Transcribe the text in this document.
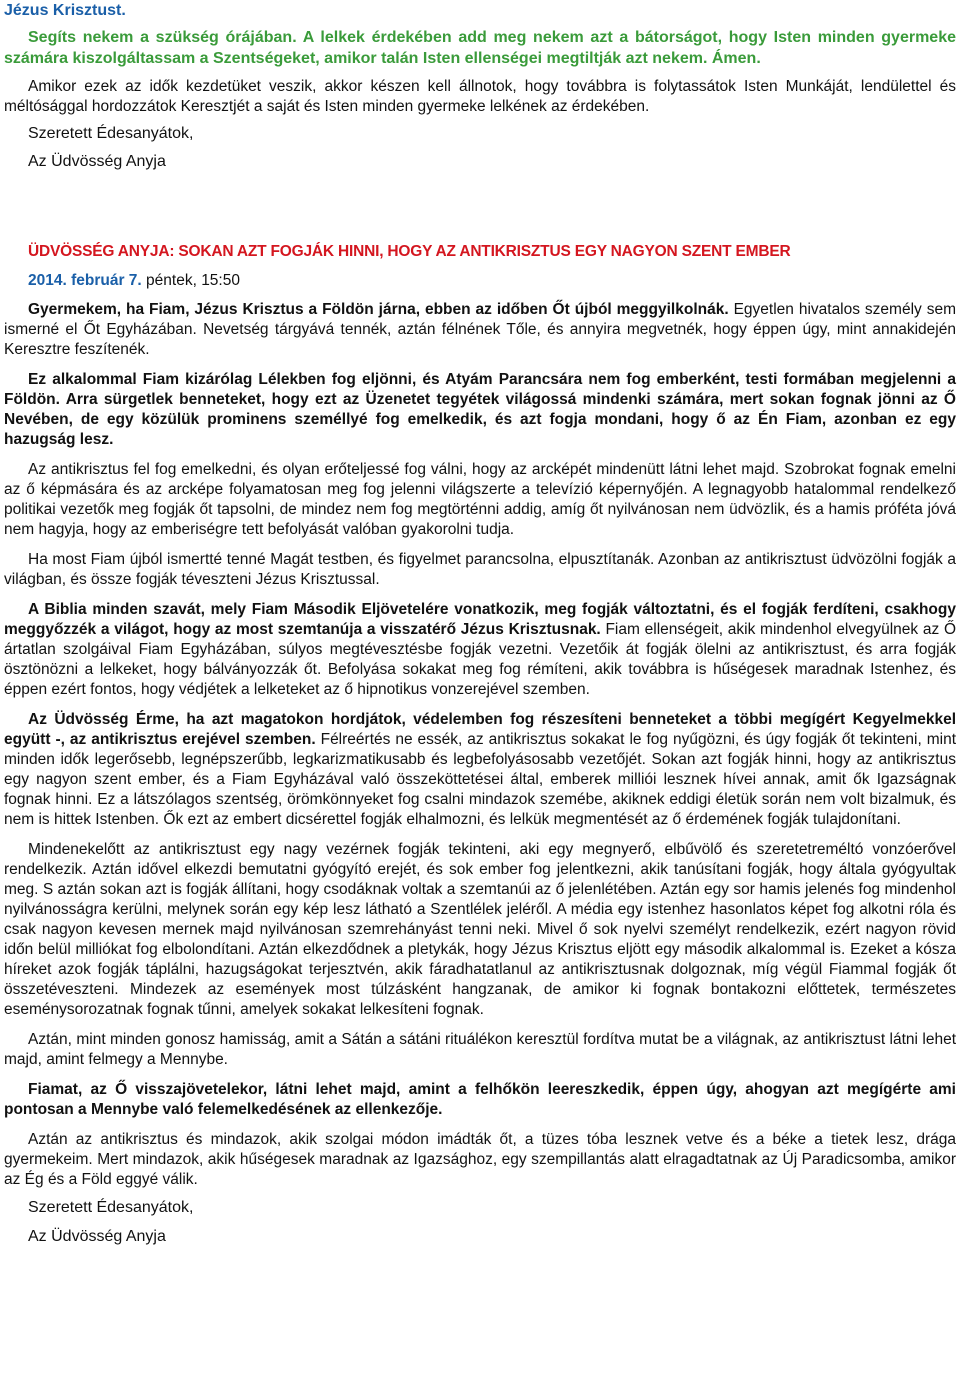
Jézus Krisztust.

Segíts nekem a szükség órájában. A lelkek érdekében add meg nekem azt a bátorságot, hogy Isten minden gyermeke számára kiszolgáltassam a Szentségeket, amikor talán Isten ellenségei megtiltják azt nekem. Ámen.

Amikor ezek az idők kezdetüket veszik, akkor készen kell állnotok, hogy továbbra is folytassátok Isten Munkáját, lendülettel és méltósággal hordozzátok Keresztjét a saját és Isten minden gyermeke lelkének az érdekében.

Szeretett Édesanyátok,

Az Üdvösség Anyja

ÜDVÖSSÉG ANYJA: SOKAN AZT FOGJÁK HINNI, HOGY AZ ANTIKRISZTUS EGY NAGYON SZENT EMBER

2014. február 7. péntek, 15:50

Gyermekem, ha Fiam, Jézus Krisztus a Földön járna, ebben az időben Őt újból meggyilkolnák. Egyetlen hivatalos személy sem ismerné el Őt Egyházában. Nevetség tárgyává tennék, aztán félnének Tőle, és annyira megvetnék, hogy éppen úgy, mint annakidején Keresztre feszítenék.

Ez alkalommal Fiam kizárólag Lélekben fog eljönni, és Atyám Parancsára nem fog emberként, testi formában megjelenni a Földön. Arra sürgetlek benneteket, hogy ezt az Üzenetet tegyétek világossá mindenki számára, mert sokan fognak jönni az Ő Nevében, de egy közülük prominens személlyé fog emelkedik, és azt fogja mondani, hogy ő az Én Fiam, azonban ez egy hazugság lesz.

Az antikrisztus fel fog emelkedni, és olyan erőteljessé fog válni, hogy az arcképét mindenütt látni lehet majd. Szobrokat fognak emelni az ő képmására és az arcképe folyamatosan meg fog jelenni világszerte a televízió képernyőjén. A legnagyobb hatalommal rendelkező politikai vezetők meg fogják őt tapsolni, de mindez nem fog megtörténni addig, amíg őt nyilvánosan nem üdvözlik, és a hamis próféta jóvá nem hagyja, hogy az emberiségre tett befolyását valóban gyakorolni tudja.

Ha most Fiam újból ismertté tenné Magát testben, és figyelmet parancsolna, elpusztítanák. Azonban az antikrisztust üdvözölni fogják a világban, és össze fogják téveszteni Jézus Krisztussal.

A Biblia minden szavát, mely Fiam Második Eljövetelére vonatkozik, meg fogják változtatni, és el fogják ferdíteni, csakhogy meggyőzzék a világot, hogy az most szemtanúja a visszatérő Jézus Krisztusnak. Fiam ellenségeit, akik mindenhol elvegyülnek az Ő ártatlan szolgáival Fiam Egyházában, súlyos megtévesztésbe fogják vezetni. Vezetőik át fogják ölelni az antikrisztust, és arra fogják ösztönözni a lelkeket, hogy bálványozzák őt. Befolyása sokakat meg fog rémíteni, akik továbbra is hűségesek maradnak Istenhez, és éppen ezért fontos, hogy védjétek a lelketeket az ő hipnotikus vonzerejével szemben.

Az Üdvösség Érme, ha azt magatokon hordjátok, védelemben fog részesíteni benneteket a többi megígért Kegyelmekkel együtt -, az antikrisztus erejével szemben. Félreértés ne essék, az antikrisztus sokakat le fog nyűgözni, és úgy fogják őt tekinteni, mint minden idők legerősebb, legnépszerűbb, legkarizmatikusabb és legbefolyásosabb vezetőjét. Sokan azt fogják hinni, hogy az antikrisztus egy nagyon szent ember, és a Fiam Egyházával való összeköttetései által, emberek milliói lesznek hívei annak, amit ők Igazságnak fognak hinni. Ez a látszólagos szentség, örömkönnyeket fog csalni mindazok szemébe, akiknek eddigi életük során nem volt bizalmuk, és nem is hittek Istenben. Ők ezt az embert dicsérettel fogják elhalmozni, és lelkük megmentését az ő érdemének fogják tulajdonítani.

Mindenekelőtt az antikrisztust egy nagy vezérnek fogják tekinteni, aki egy megnyerő, elbűvölő és szeretetreméltó vonzóerővel rendelkezik. Aztán idővel elkezdi bemutatni gyógyító erejét, és sok ember fog jelentkezni, akik tanúsítani fogják, hogy általa gyógyultak meg. S aztán sokan azt is fogják állítani, hogy csodáknak voltak a szemtanúi az ő jelenlétében. Aztán egy sor hamis jelenés fog mindenhol nyilvánosságra kerülni, melynek során egy kép lesz látható a Szentlélek jeléről. A média egy istenhez hasonlatos képet fog alkotni róla és csak nagyon kevesen mernek majd nyilvánosan szemrehányást tenni neki. Mivel ő sok nyelvi személyt rendelkezik, ezért nagyon rövid időn belül milliókat fog elbolondítani. Aztán elkezdődnek a pletykák, hogy Jézus Krisztus eljött egy második alkalommal is. Ezeket a kósza híreket azok fogják táplálni, hazugságokat terjesztvén, akik fáradhatatlanul az antikrisztusnak dolgoznak, míg végül Fiammal fogják őt összetéveszteni. Mindezek az események most túlzásként hangzanak, de amikor ki fognak bontakozni előttetek, természetes eseménysorozatnak fognak tűnni, amelyek sokakat lelkesíteni fognak.

Aztán, mint minden gonosz hamisság, amit a Sátán a sátáni rituálékon keresztül fordítva mutat be a világnak, az antikrisztust látni lehet majd, amint felmegy a Mennybe.

Fiamat, az Ő visszajövetelekor, látni lehet majd, amint a felhőkön leereszkedik, éppen úgy, ahogyan azt megígérte ami pontosan a Mennybe való felemelkedésének az ellenkezője.

Aztán az antikrisztus és mindazok, akik szolgai módon imádták őt, a tüzes tóba lesznek vetve és a béke a tietek lesz, drága gyermekeim. Mert mindazok, akik hűségesek maradnak az Igazsághoz, egy szempillantás alatt elragadtatnak az Új Paradicsomba, amikor az Ég és a Föld eggyé válik.

Szeretett Édesanyátok,

Az Üdvösség Anyja
